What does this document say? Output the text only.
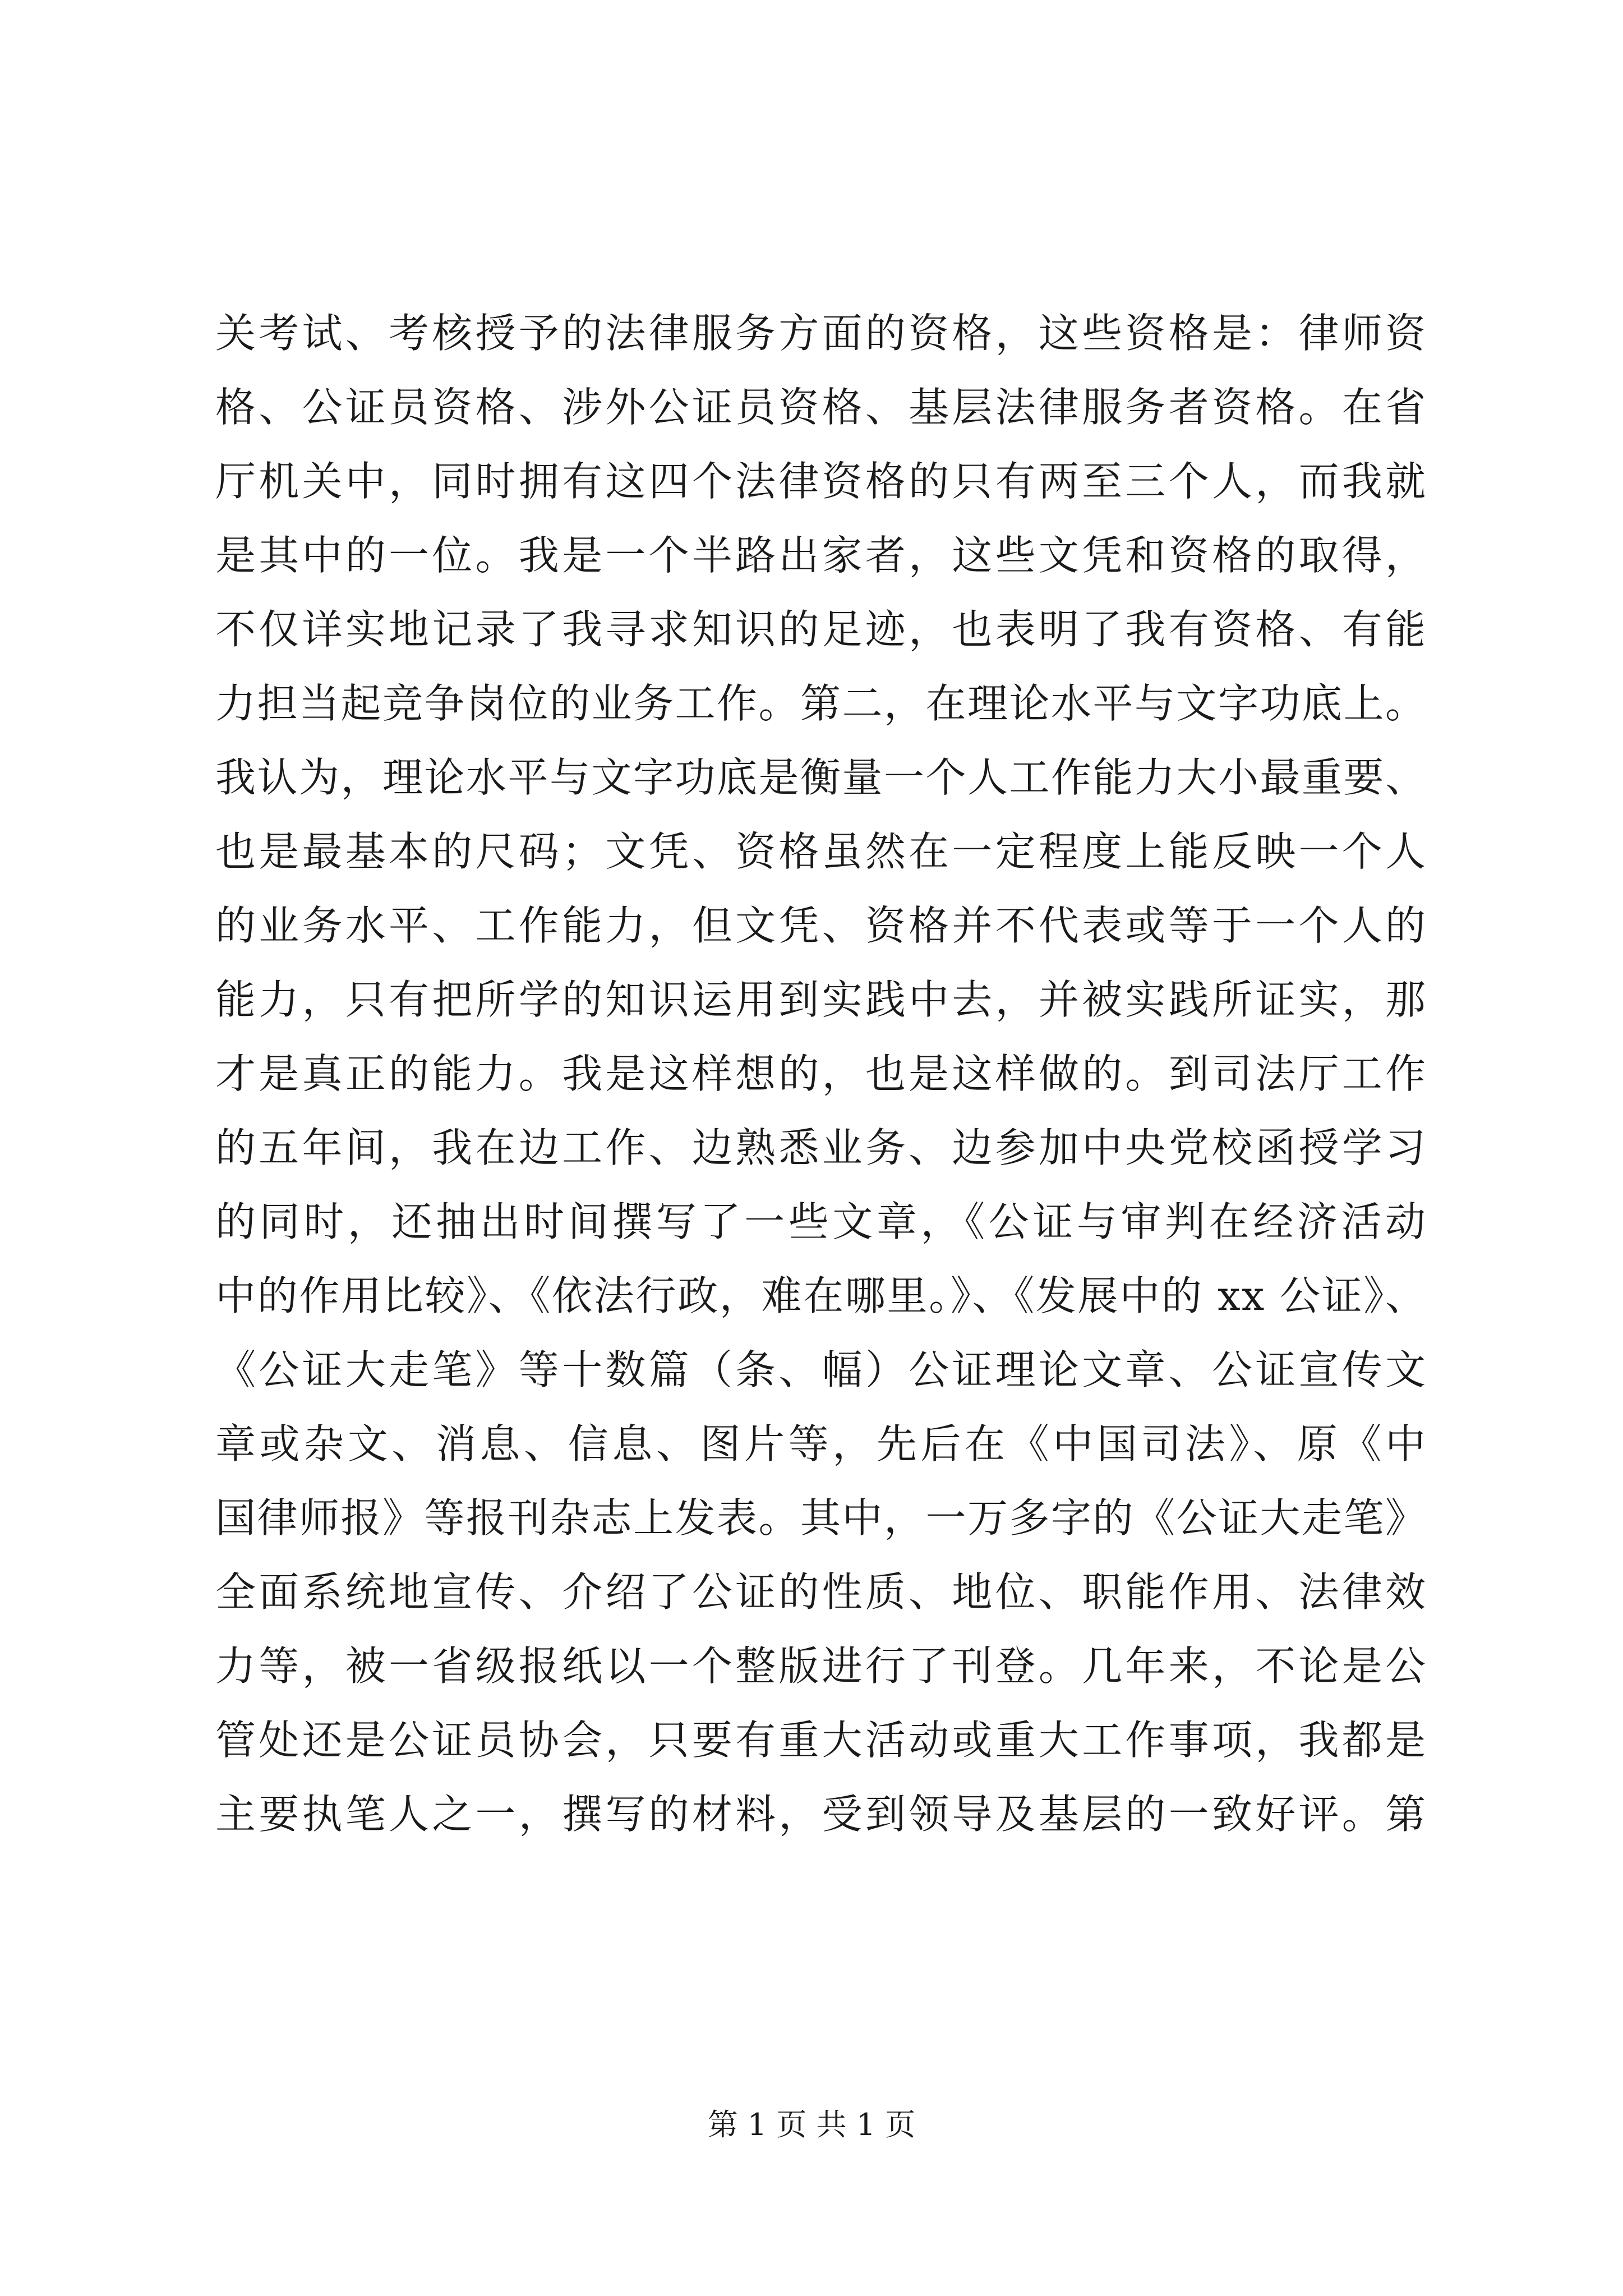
关考试、考核授予的法律服务方面的资格，这些资格是：律师资
格、公证员资格、涉外公证员资格、基层法律服务者资格。在省
厅机关中，同时拥有这四个法律资格的只有两至三个人，而我就
是其中的一位。我是一个半路出家者，这些文凭和资格的取得，
不仅详实地记录了我寻求知识的足迹，也表明了我有资格、有能
力担当起竞争岗位的业务工作。第二，在理论水平与文字功底上。
我认为，理论水平与文字功底是衡量一个人工作能力大小最重要、
也是最基本的尺码；文凭、资格虽然在一定程度上能反映一个人
的业务水平、工作能力，但文凭、资格并不代表或等于一个人的
能力，只有把所学的知识运用到实践中去，并被实践所证实，那
才是真正的能力。我是这样想的，也是这样做的。到司法厅工作
的五年间，我在边工作、边熟悉业务、边参加中央党校函授学习
的同时，还抽出时间撰写了一些文章，《公证与审判在经济活动
中的作用比较》、《依法行政，难在哪里。》、《发展中的 xx 公证》、
《公证大走笔》等十数篇（条、幅）公证理论文章、公证宣传文
章或杂文、消息、信息、图片等，先后在《中国司法》、原《中
国律师报》等报刊杂志上发表。其中，一万多字的《公证大走笔》
全面系统地宣传、介绍了公证的性质、地位、职能作用、法律效
力等，被一省级报纸以一个整版进行了刊登。几年来，不论是公
管处还是公证员协会，只要有重大活动或重大工作事项，我都是
主要执笔人之一，撰写的材料，受到领导及基层的一致好评。第
第 1 页 共 1 页
